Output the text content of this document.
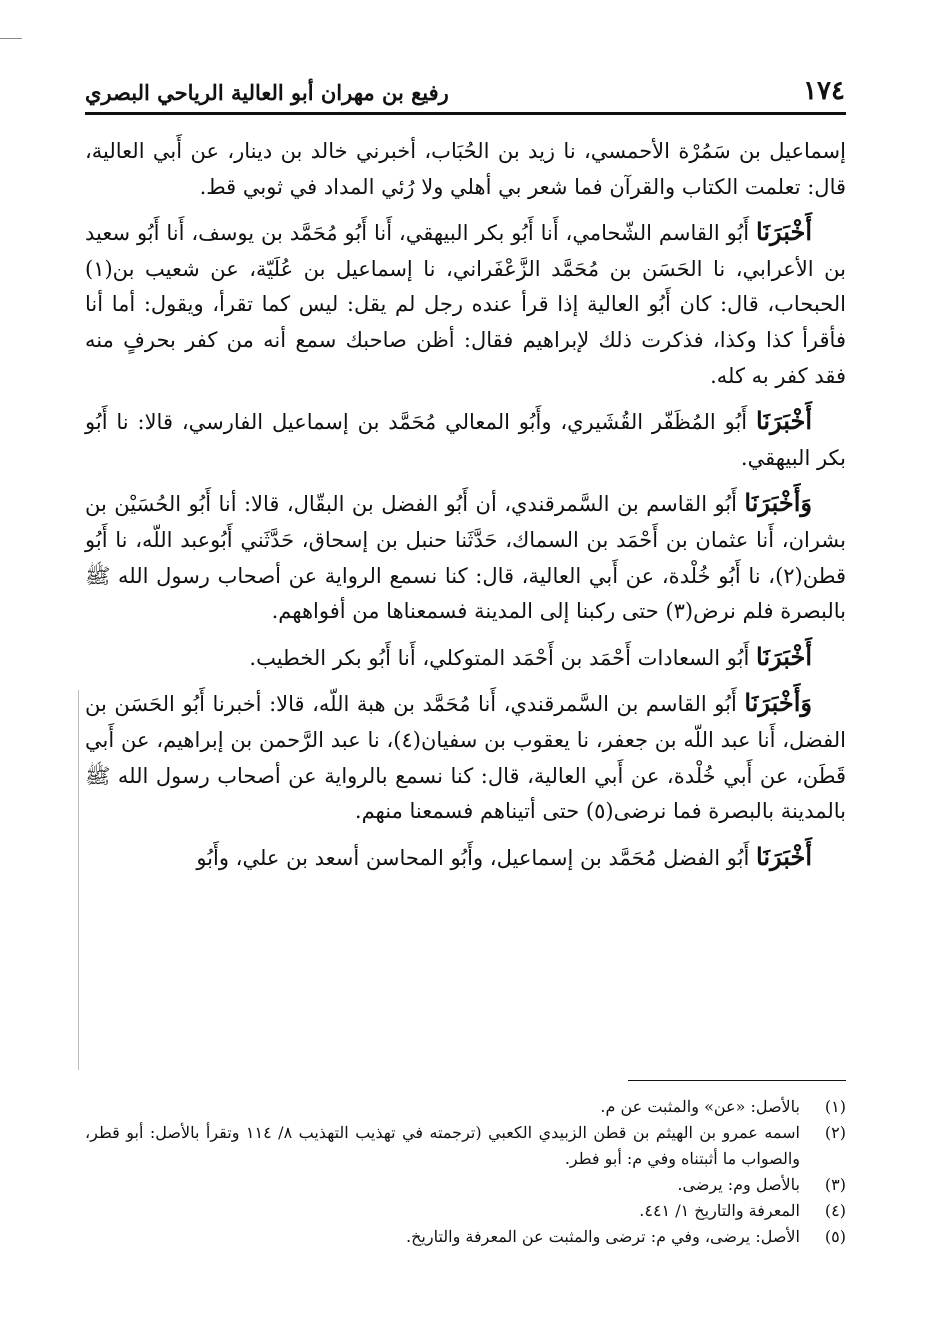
١٧٤
رفيع بن مهران أبو العالية الرياحي البصري

إسماعيل بن سَمُرْة الأحمسي، نا زيد بن الحُبَاب، أخبرني خالد بن دينار، عن أَبي العالية، قال: تعلمت الكتاب والقرآن فما شعر بي أهلي ولا رُئي المداد في ثوبي قط.

أَخْبَرَنَا أَبُو القاسم الشّحامي، أَنا أَبُو بكر البيهقي، أَنا أَبُو مُحَمَّد بن يوسف، أَنا أَبُو سعيد بن الأعرابي، نا الحَسَن بن مُحَمَّد الزَّعْفَراني، نا إسماعيل بن عُلَيّة، عن شعيب بن(١) الحبحاب، قال: كان أَبُو العالية إذا قرأ عنده رجل لم يقل: ليس كما تقرأ، ويقول: أما أنا فأقرأ كذا وكذا، فذكرت ذلك لإبراهيم فقال: أظن صاحبك سمع أنه من كفر بحرفٍ منه فقد كفر به كله.

أَخْبَرَنَا أَبُو المُظَفّر القُشَيري، وأَبُو المعالي مُحَمَّد بن إسماعيل الفارسي، قالا: نا أَبُو بكر البيهقي.

وَأَخْبَرَنَا أَبُو القاسم بن السَّمرقندي، أن أَبُو الفضل بن البقّال، قالا: أنا أَبُو الحُسَيْن بن بشران، أَنا عثمان بن أَحْمَد بن السماك، حَدَّثَنا حنبل بن إسحاق، حَدَّثَني أَبُوعبد اللّه، نا أَبُو قطن(٢)، نا أَبُو خُلْدة، عن أَبي العالية، قال: كنا نسمع الرواية عن أصحاب رسول الله ﷺ بالبصرة فلم نرض(٣) حتى ركبنا إلى المدينة فسمعناها من أفواههم.

أَخْبَرَنَا أَبُو السعادات أَحْمَد بن أَحْمَد المتوكلي، أَنا أَبُو بكر الخطيب.

وَأَخْبَرَنَا أَبُو القاسم بن السَّمرقندي، أَنا مُحَمَّد بن هبة اللّه، قالا: أخبرنا أَبُو الحَسَن بن الفضل، أَنا عبد اللّه بن جعفر، نا يعقوب بن سفيان(٤)، نا عبد الرَّحمن بن إبراهيم، عن أَبي قَطَن، عن أَبي خُلْدة، عن أَبي العالية، قال: كنا نسمع بالرواية عن أصحاب رسول الله ﷺ بالمدينة بالبصرة فما نرضى(٥) حتى أتيناهم فسمعنا منهم.

أَخْبَرَنَا أَبُو الفضل مُحَمَّد بن إسماعيل، وأَبُو المحاسن أسعد بن علي، وأَبُو

(١)
بالأصل: «عن» والمثبت عن م.
(٢)
اسمه عمرو بن الهيثم بن قطن الزبيدي الكعبي (ترجمته في تهذيب التهذيب ٨/ ١١٤ وتقرأ بالأصل: أبو قطر، والصواب ما أثبتناه وفي م: أبو فطر.
(٣)
بالأصل وم: يرضى.
(٤)
المعرفة والتاريخ ١/ ٤٤١.
(٥)
الأصل: يرضى، وفي م: ترضى والمثبت عن المعرفة والتاريخ.
